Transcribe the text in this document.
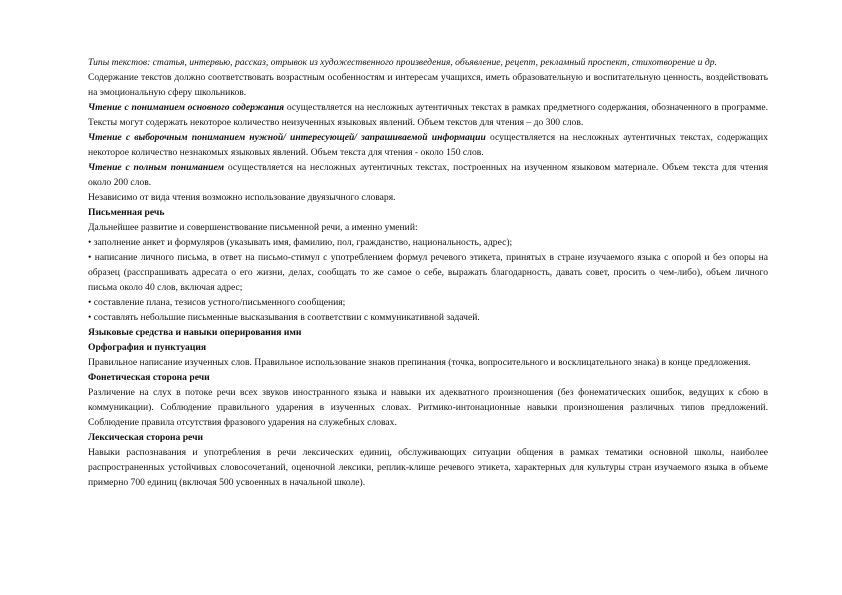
Типы текстов: статья, интервью, рассказ, отрывок из художественного произведения, объявление, рецепт, рекламный проспект, стихотворение и др.

Содержание текстов должно соответствовать возрастным особенностям и интересам учащихся, иметь образовательную и воспитательную ценность, воздействовать на эмоциональную сферу школьников.

Чтение с пониманием основного содержания осуществляется на несложных аутентичных текстах в рамках предметного содержания, обозначенного в программе. Тексты могут содержать некоторое количество неизученных языковых явлений. Объем текстов для чтения – до 300 слов.

Чтение с выборочным пониманием нужной/ интересующей/ запрашиваемой информации осуществляется на несложных аутентичных текстах, содержащих некоторое количество незнакомых языковых явлений. Объем текста для чтения - около 150 слов.

Чтение с полным пониманием осуществляется на несложных аутентичных текстах, построенных на изученном языковом материале. Объем текста для чтения около 200 слов.

Независимо от вида чтения возможно использование двуязычного словаря.

Письменная речь

Дальнейшее развитие и совершенствование письменной речи, а именно умений:

• заполнение анкет и формуляров (указывать имя, фамилию, пол, гражданство, национальность, адрес);

• написание личного письма, в ответ на письмо-стимул с употреблением формул речевого этикета, принятых в стране изучаемого языка с опорой и без опоры на образец (расспрашивать адресата о его жизни, делах, сообщать то же самое о себе, выражать благодарность, давать совет, просить о чем-либо), объем личного письма около 40 слов, включая адрес;

• составление плана, тезисов устного/письменного сообщения;

• составлять небольшие письменные высказывания в соответствии с коммуникативной задачей.

Языковые средства и навыки оперирования ими

Орфография и пунктуация

Правильное написание изученных слов. Правильное использование знаков препинания (точка, вопросительного и восклицательного знака) в конце предложения.

Фонетическая сторона речи

Различение на слух в потоке речи всех звуков иностранного языка и навыки их адекватного произношения (без фонематических ошибок, ведущих к сбою в коммуникации). Соблюдение правильного ударения в изученных словах. Ритмико-интонационные навыки произношения различных типов предложений. Соблюдение правила отсутствия фразового ударения на служебных словах.

Лексическая сторона речи

Навыки распознавания и употребления в речи лексических единиц, обслуживающих ситуации общения в рамках тематики основной школы, наиболее распространенных устойчивых словосочетаний, оценочной лексики, реплик-клише речевого этикета, характерных для культуры стран изучаемого языка в объеме примерно 700 единиц (включая 500 усвоенных в начальной школе).
